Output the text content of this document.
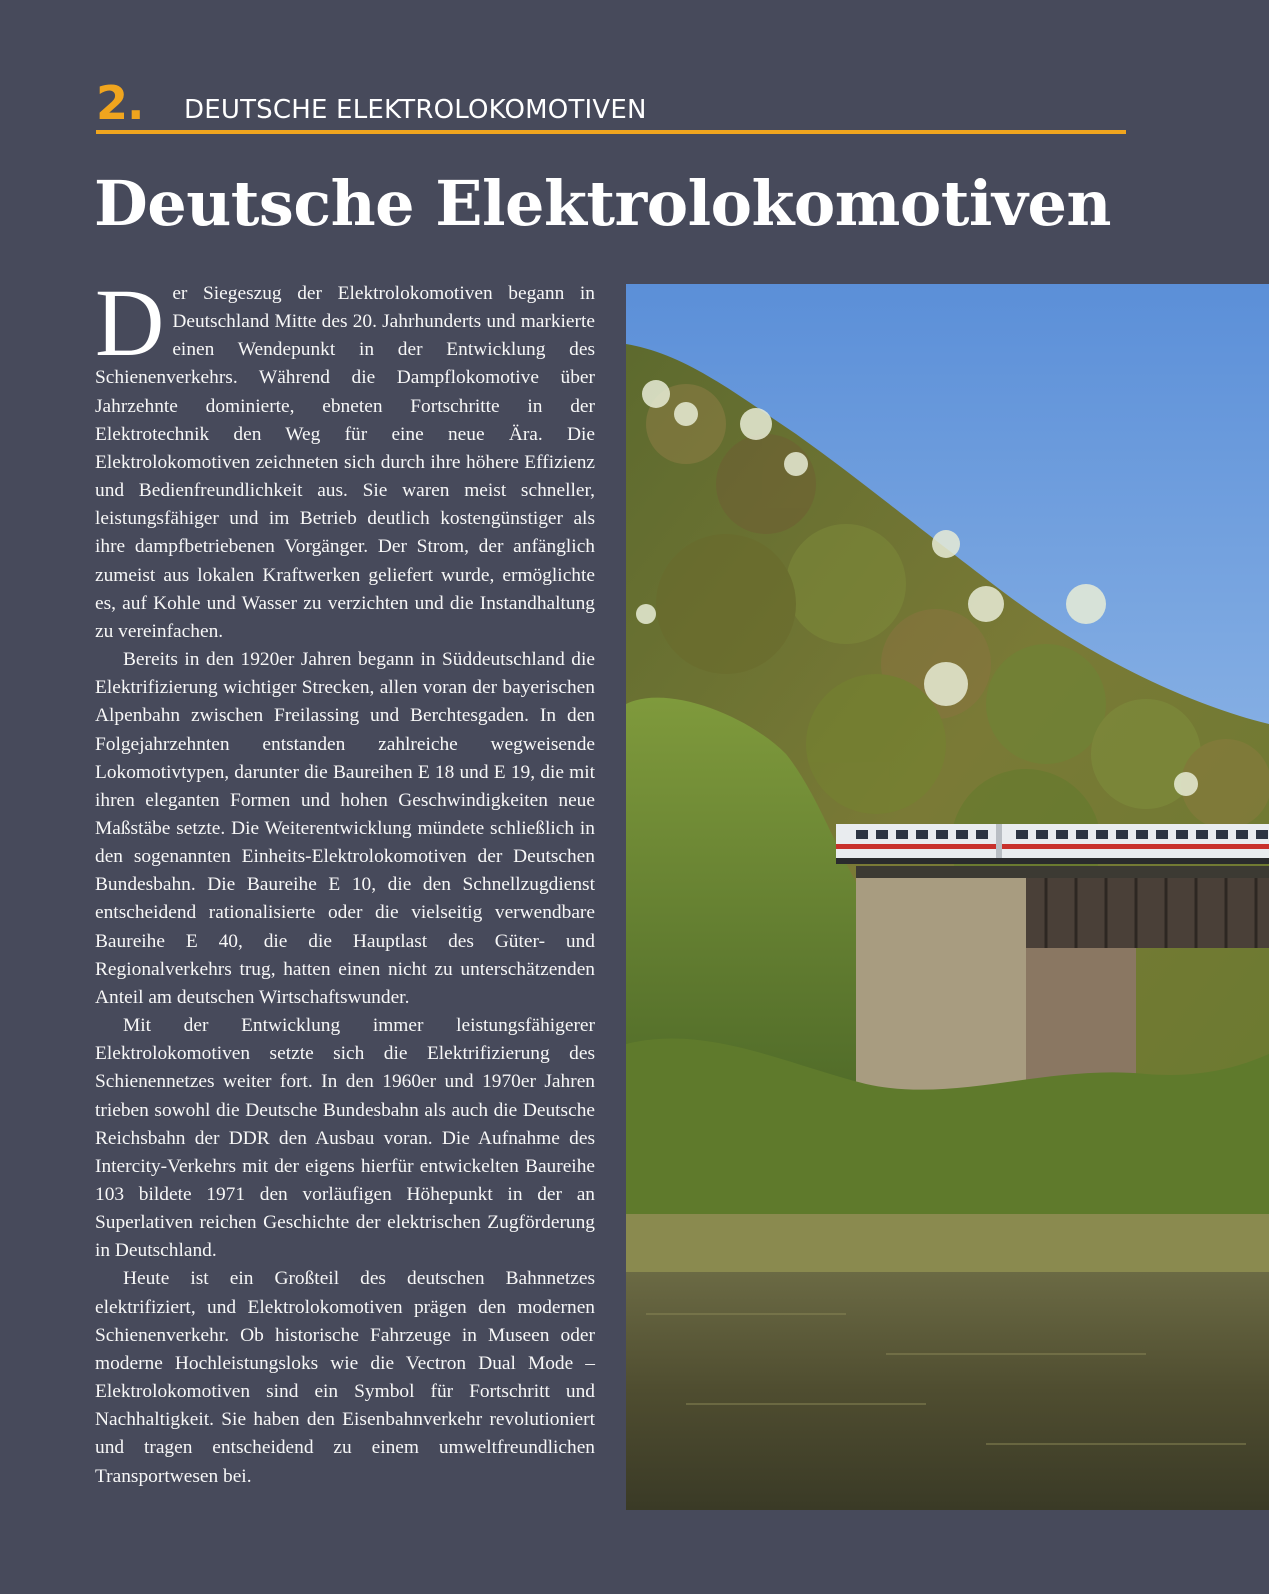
2. DEUTSCHE ELEKTROLOKOMOTIVEN
Deutsche Elektrolokomotiven

Der Siegeszug der Elektrolokomotiven begann in Deutschland Mitte des 20. Jahrhunderts und markierte einen Wendepunkt in der Entwicklung des Schienenverkehrs. Während die Dampflokomotive über Jahrzehnte dominierte, ebneten Fortschritte in der Elektrotechnik den Weg für eine neue Ära. Die Elektrolokomotiven zeichneten sich durch ihre höhere Effizienz und Bedienfreundlichkeit aus. Sie waren meist schneller, leistungsfähiger und im Betrieb deutlich kostengünstiger als ihre dampfbetriebenen Vorgänger. Der Strom, der anfänglich zumeist aus lokalen Kraftwerken geliefert wurde, ermöglichte es, auf Kohle und Wasser zu verzichten und die Instandhaltung zu vereinfachen.

Bereits in den 1920er Jahren begann in Süddeutschland die Elektrifizierung wichtiger Strecken, allen voran der bayerischen Alpenbahn zwischen Freilassing und Berchtesgaden. In den Folgejahrzehnten entstanden zahlreiche wegweisende Lokomotivtypen, darunter die Baureihen E 18 und E 19, die mit ihren eleganten Formen und hohen Geschwindigkeiten neue Maßstäbe setzte. Die Weiterentwicklung mündete schließlich in den sogenannten Einheits-Elektrolokomotiven der Deutschen Bundesbahn. Die Baureihe E 10, die den Schnellzugdienst entscheidend rationalisierte oder die vielseitig verwendbare Baureihe E 40, die die Hauptlast des Güter- und Regionalverkehrs trug, hatten einen nicht zu unterschätzenden Anteil am deutschen Wirtschaftswunder.

Mit der Entwicklung immer leistungsfähigerer Elektrolokomotiven setzte sich die Elektrifizierung des Schienennetzes weiter fort. In den 1960er und 1970er Jahren trieben sowohl die Deutsche Bundesbahn als auch die Deutsche Reichsbahn der DDR den Ausbau voran. Die Aufnahme des Intercity-Verkehrs mit der eigens hierfür entwickelten Baureihe 103 bildete 1971 den vorläufigen Höhepunkt in der an Superlativen reichen Geschichte der elektrischen Zugförderung in Deutschland.

Heute ist ein Großteil des deutschen Bahnnetzes elektrifiziert, und Elektrolokomotiven prägen den modernen Schienenverkehr. Ob historische Fahrzeuge in Museen oder moderne Hochleistungsloks wie die Vectron Dual Mode – Elektrolokomotiven sind ein Symbol für Fortschritt und Nachhaltigkeit. Sie haben den Eisenbahnverkehr revolutioniert und tragen entscheidend zu einem umweltfreundlichen Transportwesen bei.
